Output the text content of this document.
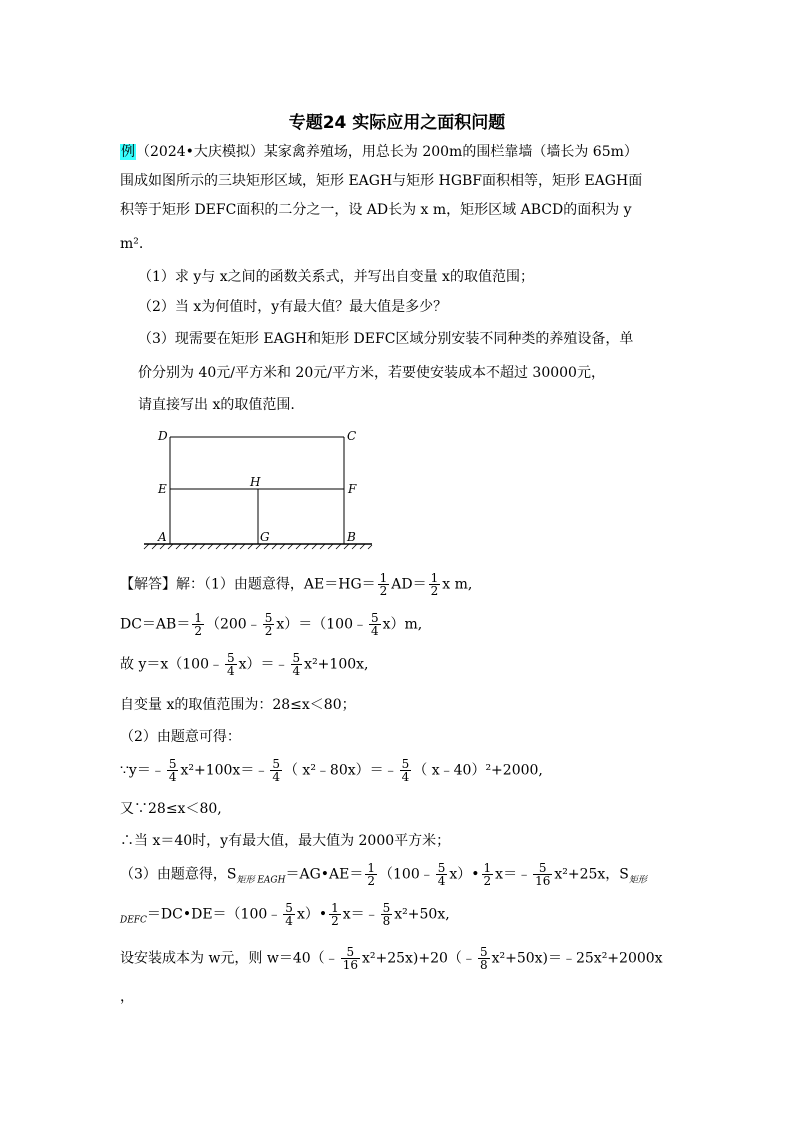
专题24 实际应用之面积问题
例（2024•大庆模拟）某家禽养殖场，用总长为 200m的围栏靠墙（墙长为 65m）
围成如图所示的三块矩形区域，矩形 EAGH与矩形 HGBF面积相等，矩形 EAGH面
积等于矩形 DEFC面积的二分之一，设 AD长为 x m，矩形区域 ABCD的面积为 y
m².
（1）求 y与 x之间的函数关系式，并写出自变量 x的取值范围；
（2）当 x为何值时，y有最大值？最大值是多少？
（3）现需要在矩形 EAGH和矩形 DEFC区域分别安装不同种类的养殖设备，单
价分别为 40元/平方米和 20元/平方米，若要使安装成本不超过 30000元，
请直接写出 x的取值范围.
D	C
E	F
H
A	G	B
【解答】解：（1）由题意得，$AE=HG= \frac{1}{2} AD= \frac{1}{2}$ x m,
$DC=AB= \frac{1}{2}$ （200﹣ $\frac{5}{2}$ x）＝（100﹣ $\frac{5}{4} x)m$,
故 y＝x（100﹣ $\frac{5}{4}$ x）＝﹣ $\frac{5}{4} x^2+100x$,
自变量 x的取值范围为：28≤x＜80；
（2）由题意可得：
∵y＝﹣ $\frac{5}{4}$ x²+100x＝﹣ $\frac{5}{4}$ （ x²﹣80x）＝﹣ $\frac{5}{4}$ （ x﹣40）²+2000,
又∵28≤x＜80,
∴当 x＝40时，y有最大值，最大值为 2000平方米；
（3）由题意得，$S_{矩形 EAGH}=AG•AE= \frac{1}{2}$ （100﹣ $\frac{5}{4}$ x）• $\frac{1}{2}$ x＝﹣ $\frac{5}{16} x^2+25x$，$S_{矩形}$
$_{DEFC}$＝DC•DE＝（100﹣ $\frac{5}{4}$ x）• $\frac{1}{2}$ x＝﹣ $\frac{5}{8} x^2+50x$,
设安装成本为 w元，则 w＝40（﹣ $\frac{5}{16}$ x²+25x)+20（﹣ $\frac{5}{8}$ x²+50x)＝﹣25x²+2000x
，
